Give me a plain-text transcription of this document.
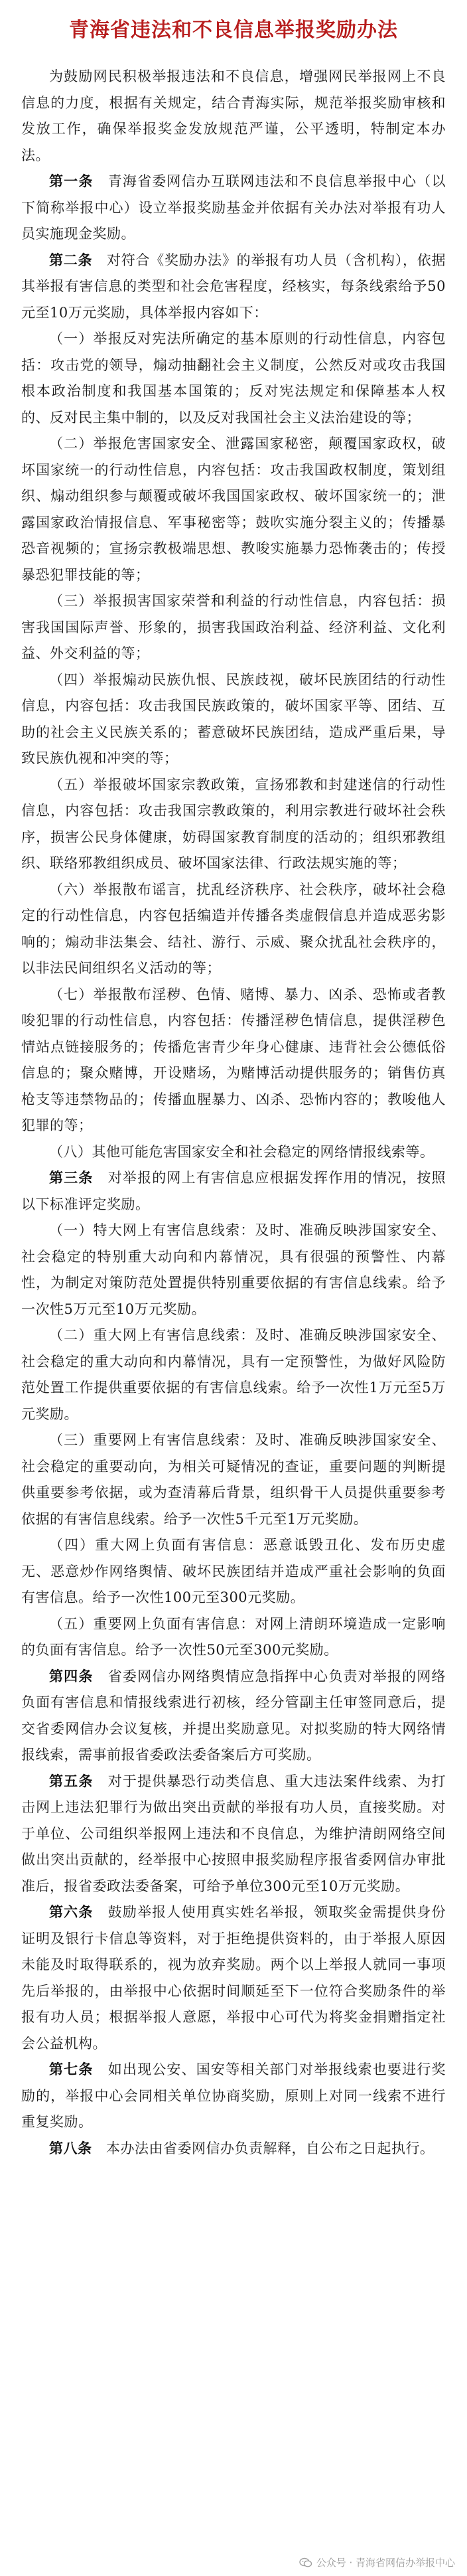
青海省违法和不良信息举报奖励办法

为鼓励网民积极举报违法和不良信息，增强网民举报网上不良信息的力度，根据有关规定，结合青海实际，规范举报奖励审核和发放工作，确保举报奖金发放规范严谨，公平透明，特制定本办法。

第一条　 青海省委网信办互联网违法和不良信息举报中心（以下简称举报中心）设立举报奖励基金并依据有关办法对举报有功人员实施现金奖励。

第二条　 对符合《奖励办法》的举报有功人员（含机构），依据其举报有害信息的类型和社会危害程度，经核实，每条线索给予50元至10万元奖励，具体举报内容如下：

（一）举报反对宪法所确定的基本原则的行动性信息，内容包括：攻击党的领导，煽动抽翻社会主义制度，公然反对或攻击我国根本政治制度和我国基本国策的；反对宪法规定和保障基本人权的、反对民主集中制的，以及反对我国社会主义法治建设的等；

（二）举报危害国家安全、泄露国家秘密，颠覆国家政权，破坏国家统一的行动性信息，内容包括：攻击我国政权制度，策划组织、煽动组织参与颠覆或破坏我国国家政权、破坏国家统一的；泄露国家政治情报信息、军事秘密等；鼓吹实施分裂主义的；传播暴恐音视频的；宣扬宗教极端思想、教唆实施暴力恐怖袭击的；传授暴恐犯罪技能的等；

（三）举报损害国家荣誉和利益的行动性信息，内容包括：损害我国国际声誉、形象的，损害我国政治利益、经济利益、文化利益、外交利益的等；

（四）举报煽动民族仇恨、民族歧视，破坏民族团结的行动性信息，内容包括：攻击我国民族政策的，破坏国家平等、团结、互助的社会主义民族关系的；蓄意破坏民族团结，造成严重后果，导致民族仇视和冲突的等；

（五）举报破坏国家宗教政策，宣扬邪教和封建迷信的行动性信息，内容包括：攻击我国宗教政策的，利用宗教进行破坏社会秩序，损害公民身体健康，妨碍国家教育制度的活动的；组织邪教组织、联络邪教组织成员、破坏国家法律、行政法规实施的等；

（六）举报散布谣言，扰乱经济秩序、社会秩序，破坏社会稳定的行动性信息，内容包括编造并传播各类虚假信息并造成恶劣影响的；煽动非法集会、结社、游行、示威、聚众扰乱社会秩序的，以非法民间组织名义活动的等；

（七）举报散布淫秽、色情、赌博、暴力、凶杀、恐怖或者教唆犯罪的行动性信息，内容包括：传播淫秽色情信息，提供淫秽色情站点链接服务的；传播危害青少年身心健康、违背社会公德低俗信息的；聚众赌博，开设赌场，为赌博活动提供服务的；销售仿真枪支等违禁物品的；传播血腥暴力、凶杀、恐怖内容的；教唆他人犯罪的等；

（八）其他可能危害国家安全和社会稳定的网络情报线索等。

第三条　 对举报的网上有害信息应根据发挥作用的情况，按照以下标准评定奖励。

（一）特大网上有害信息线索：及时、准确反映涉国家安全、社会稳定的特别重大动向和内幕情况，具有很强的预警性、内幕性，为制定对策防范处置提供特别重要依据的有害信息线索。给予一次性5万元至10万元奖励。

（二）重大网上有害信息线索：及时、准确反映涉国家安全、社会稳定的重大动向和内幕情况，具有一定预警性，为做好风险防范处置工作提供重要依据的有害信息线索。给予一次性1万元至5万元奖励。

（三）重要网上有害信息线索：及时、准确反映涉国家安全、社会稳定的重要动向，为相关可疑情况的查证，重要问题的判断提供重要参考依据，或为查清幕后背景，组织骨干人员提供重要参考依据的有害信息线索。给予一次性5千元至1万元奖励。

（四）重大网上负面有害信息：恶意诋毁丑化、发布历史虚无、恶意炒作网络舆情、破坏民族团结并造成严重社会影响的负面有害信息。给予一次性100元至300元奖励。

（五）重要网上负面有害信息：对网上清朗环境造成一定影响的负面有害信息。给予一次性50元至300元奖励。

第四条　 省委网信办网络舆情应急指挥中心负责对举报的网络负面有害信息和情报线索进行初核，经分管副主任审签同意后，提交省委网信办会议复核，并提出奖励意见。对拟奖励的特大网络情报线索，需事前报省委政法委备案后方可奖励。

第五条　 对于提供暴恐行动类信息、重大违法案件线索、为打击网上违法犯罪行为做出突出贡献的举报有功人员，直接奖励。对于单位、公司组织举报网上违法和不良信息，为维护清朗网络空间做出突出贡献的，经举报中心按照申报奖励程序报省委网信办审批准后，报省委政法委备案，可给予单位300元至10万元奖励。

第六条　 鼓励举报人使用真实姓名举报，领取奖金需提供身份证明及银行卡信息等资料，对于拒绝提供资料的，由于举报人原因未能及时取得联系的，视为放弃奖励。两个以上举报人就同一事项先后举报的，由举报中心依据时间顺延至下一位符合奖励条件的举报有功人员；根据举报人意愿，举报中心可代为将奖金捐赠指定社会公益机构。

第七条　 如出现公安、国安等相关部门对举报线索也要进行奖励的，举报中心会同相关单位协商奖励，原则上对同一线索不进行重复奖励。

第八条　 本办法由省委网信办负责解释，自公布之日起执行。

公众号 · 青海省网信办举报中心
